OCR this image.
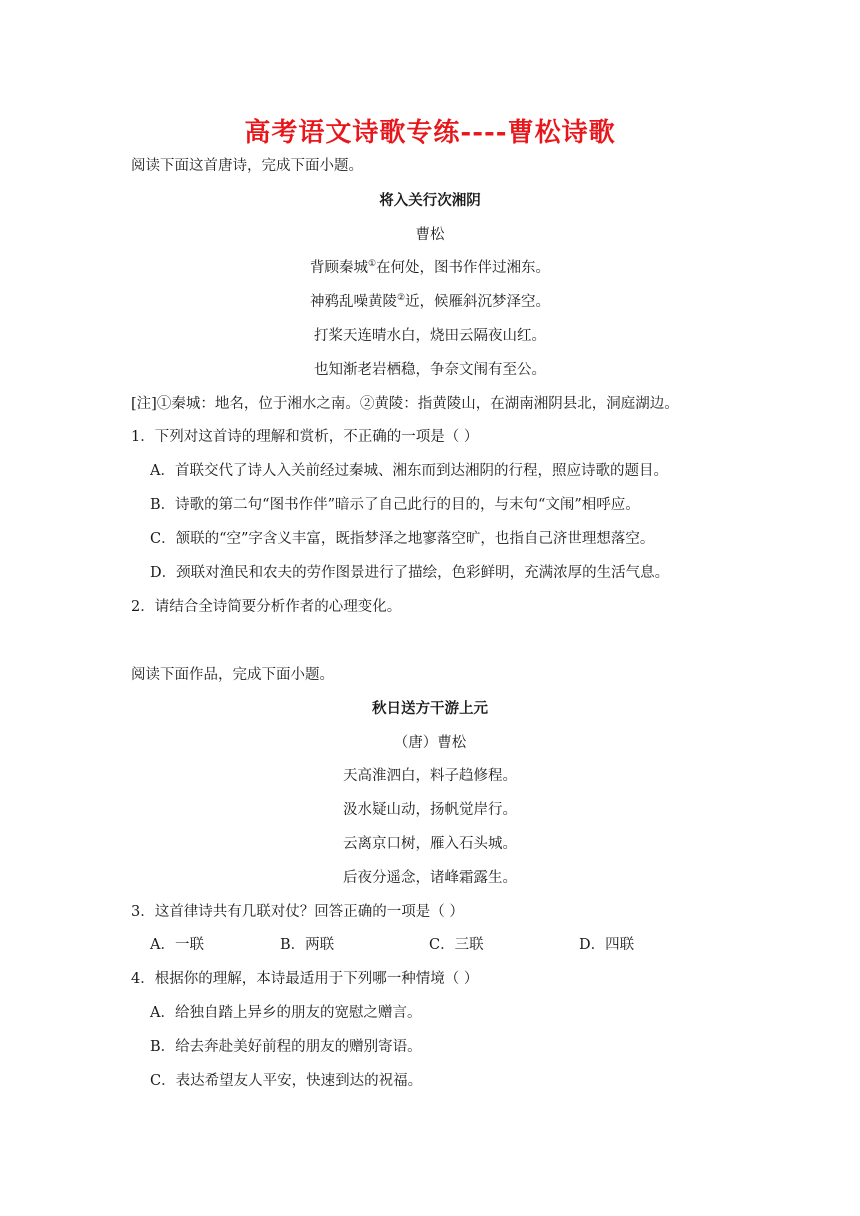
高考语文诗歌专练----曹松诗歌
阅读下面这首唐诗，完成下面小题。
将入关行次湘阴
曹松
背顾秦城①在何处，图书作伴过湘东。
神鸦乱噪黄陵②近，候雁斜沉梦泽空。
打桨天连晴水白，烧田云隔夜山红。
也知渐老岩栖稳，争奈文闱有至公。
[注]①秦城：地名，位于湘水之南。②黄陵：指黄陵山，在湖南湘阴县北，洞庭湖边。
1．下列对这首诗的理解和赏析，不正确的一项是（ ）
A．首联交代了诗人入关前经过秦城、湘东而到达湘阴的行程，照应诗歌的题目。
B．诗歌的第二句“图书作伴”暗示了自己此行的目的，与末句“文闱”相呼应。
C．颔联的“空”字含义丰富，既指梦泽之地寥落空旷，也指自己济世理想落空。
D．颈联对渔民和农夫的劳作图景进行了描绘，色彩鲜明，充满浓厚的生活气息。
2．请结合全诗简要分析作者的心理变化。
阅读下面作品，完成下面小题。
秋日送方干游上元
（唐）曹松
天高淮泗白，料子趋修程。
汲水疑山动，扬帆觉岸行。
云离京口树，雁入石头城。
后夜分遥念，诸峰霜露生。
3．这首律诗共有几联对仗？回答正确的一项是（ ）
A．一联	B．两联	C．三联	D．四联
4．根据你的理解，本诗最适用于下列哪一种情境（ ）
A．给独自踏上异乡的朋友的宽慰之赠言。
B．给去奔赴美好前程的朋友的赠别寄语。
C．表达希望友人平安，快速到达的祝福。
